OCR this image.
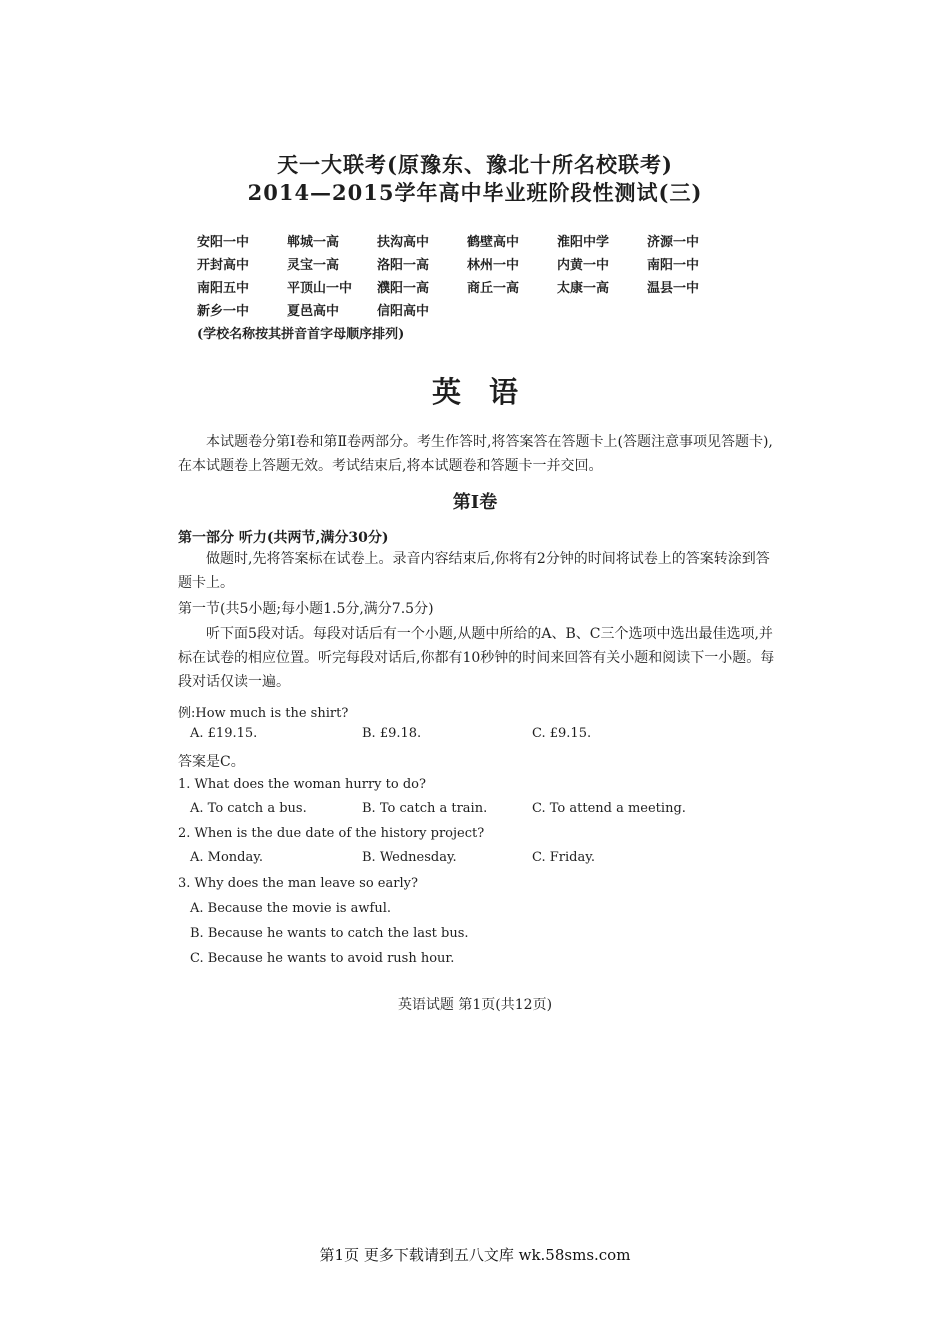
天一大联考(原豫东、豫北十所名校联考)
2014—2015学年高中毕业班阶段性测试(三)
安阳一中	郸城一高	扶沟高中	鹤壁高中	淮阳中学	济源一中
开封高中	灵宝一高	洛阳一高	林州一中	内黄一中	南阳一中
南阳五中	平顶山一中	濮阳一高	商丘一高	太康一高	温县一中
新乡一中	夏邑高中	信阳高中
(学校名称按其拼音首字母顺序排列)
英语
本试题卷分第Ⅰ卷和第Ⅱ卷两部分。考生作答时,将答案答在答题卡上(答题注意事项见答题卡),在本试题卷上答题无效。考试结束后,将本试题卷和答题卡一并交回。
第Ⅰ卷
第一部分 听力(共两节,满分30分)
做题时,先将答案标在试卷上。录音内容结束后,你将有2分钟的时间将试卷上的答案转涂到答题卡上。
第一节(共5小题;每小题1.5分,满分7.5分)
听下面5段对话。每段对话后有一个小题,从题中所给的A、B、C三个选项中选出最佳选项,并标在试卷的相应位置。听完每段对话后,你都有10秒钟的时间来回答有关小题和阅读下一小题。每段对话仅读一遍。
例:How much is the shirt?
A. £19.15.	B. £9.18.	C. £9.15.
答案是C。
1. What does the woman hurry to do?
A. To catch a bus.	B. To catch a train.	C. To attend a meeting.
2. When is the due date of the history project?
A. Monday.	B. Wednesday.	C. Friday.
3. Why does the man leave so early?
A. Because the movie is awful.
B. Because he wants to catch the last bus.
C. Because he wants to avoid rush hour.
英语试题 第1页(共12页)
第1页 更多下载请到五八文库 wk.58sms.com
